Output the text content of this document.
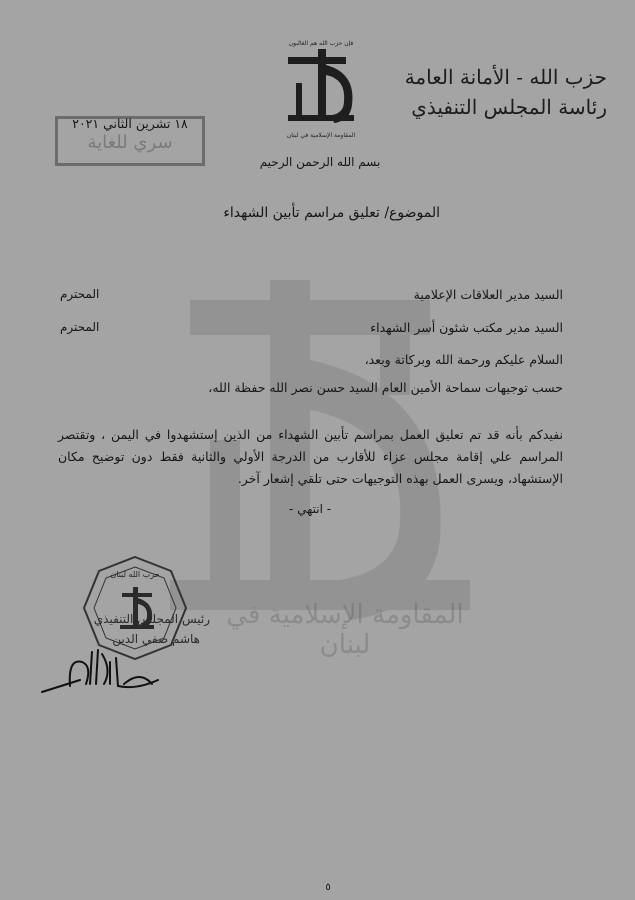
المقاومة الإسلامية في لبنان
حزب الله - الأمانة العامة
رئاسة المجلس التنفيذي
فإن حزب الله هم الغالبون
المقاومة الإسلامية في لبنان
بسم الله الرحمن الرحيم
١٨ تشرين الثاني ٢٠٢١
سري للغاية
الموضوع/ تعليق مراسم تأبين الشهداء
السيد مدير العلاقات الإعلامية
المحترم
السيد مدير مكتب شئون أسر الشهداء
المحترم
السلام عليكم ورحمة الله وبركاتة وبعد،
حسب توجيهات سماحة الأمين العام السيد حسن نصر الله حفظة الله،
نفيدكم بأنه قد تم تعليق العمل بمراسم تأبين الشهداء من الذين إستشهدوا في اليمن ، وتقتصر المراسم علي إقامة مجلس عزاء للأقارب من الدرجة الأولي والثانية فقط دون توضيح مكان الإستشهاد، ويسرى العمل بهذه التوجيهات حتى تلقي إشعار آخر.
- انتهي -
حزب الله لبنان
رئيس المجلس التنفيذي
هاشم صفي الدين
٥
